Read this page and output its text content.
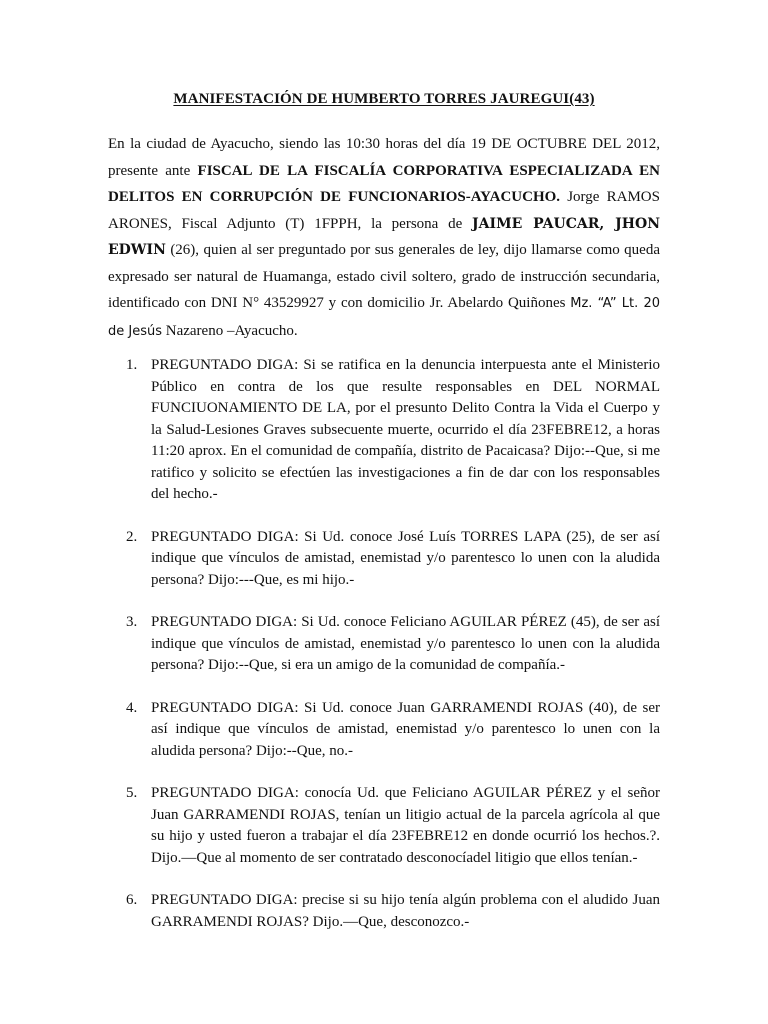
MANIFESTACIÓN DE HUMBERTO TORRES JAUREGUI(43)
En la ciudad de Ayacucho, siendo las 10:30 horas del día 19 DE OCTUBRE DEL 2012, presente ante FISCAL DE LA FISCALÍA CORPORATIVA ESPECIALIZADA EN DELITOS EN CORRUPCIÓN DE FUNCIONARIOS-AYACUCHO. Jorge RAMOS ARONES, Fiscal Adjunto (T) 1FPPH, la persona de JAIME PAUCAR, JHON EDWIN (26), quien al ser preguntado por sus generales de ley, dijo llamarse como queda expresado ser natural de Huamanga, estado civil soltero, grado de instrucción secundaria, identificado con DNI N° 43529927 y con domicilio Jr. Abelardo Quiñones Mz. “A” Lt. 20 de Jesús Nazareno –Ayacucho.
1. PREGUNTADO DIGA: Si se ratifica en la denuncia interpuesta ante el Ministerio Público en contra de los que resulte responsables en DEL NORMAL FUNCIUONAMIENTO DE LA, por el presunto Delito Contra la Vida el Cuerpo y la Salud-Lesiones Graves subsecuente muerte, ocurrido el día 23FEBRE12, a horas 11:20 aprox. En el comunidad de compañía, distrito de Pacaicasa? Dijo:--Que, si me ratifico y solicito se efectúen las investigaciones a fin de dar con los responsables del hecho.-
2. PREGUNTADO DIGA: Si Ud. conoce José Luís TORRES LAPA (25), de ser así indique que vínculos de amistad, enemistad y/o parentesco lo unen con la aludida persona? Dijo:---Que, es mi hijo.-
3. PREGUNTADO DIGA: Si Ud. conoce Feliciano AGUILAR PÉREZ (45), de ser así indique que vínculos de amistad, enemistad y/o parentesco lo unen con la aludida persona? Dijo:--Que, si era un amigo de la comunidad de compañía.-
4. PREGUNTADO DIGA: Si Ud. conoce Juan GARRAMENDI ROJAS (40), de ser así indique que vínculos de amistad, enemistad y/o parentesco lo unen con la aludida persona? Dijo:--Que, no.-
5. PREGUNTADO DIGA: conocía Ud. que Feliciano AGUILAR PÉREZ y el señor Juan GARRAMENDI ROJAS, tenían un litigio actual de la parcela agrícola al que su hijo y usted fueron a trabajar el día 23FEBRE12 en donde ocurrió los hechos.?. Dijo.—Que al momento de ser contratado desconocíadel litigio que ellos tenían.-
6. PREGUNTADO DIGA: precise si su hijo tenía algún problema con el aludido Juan GARRAMENDI ROJAS? Dijo.—Que, desconozco.-
